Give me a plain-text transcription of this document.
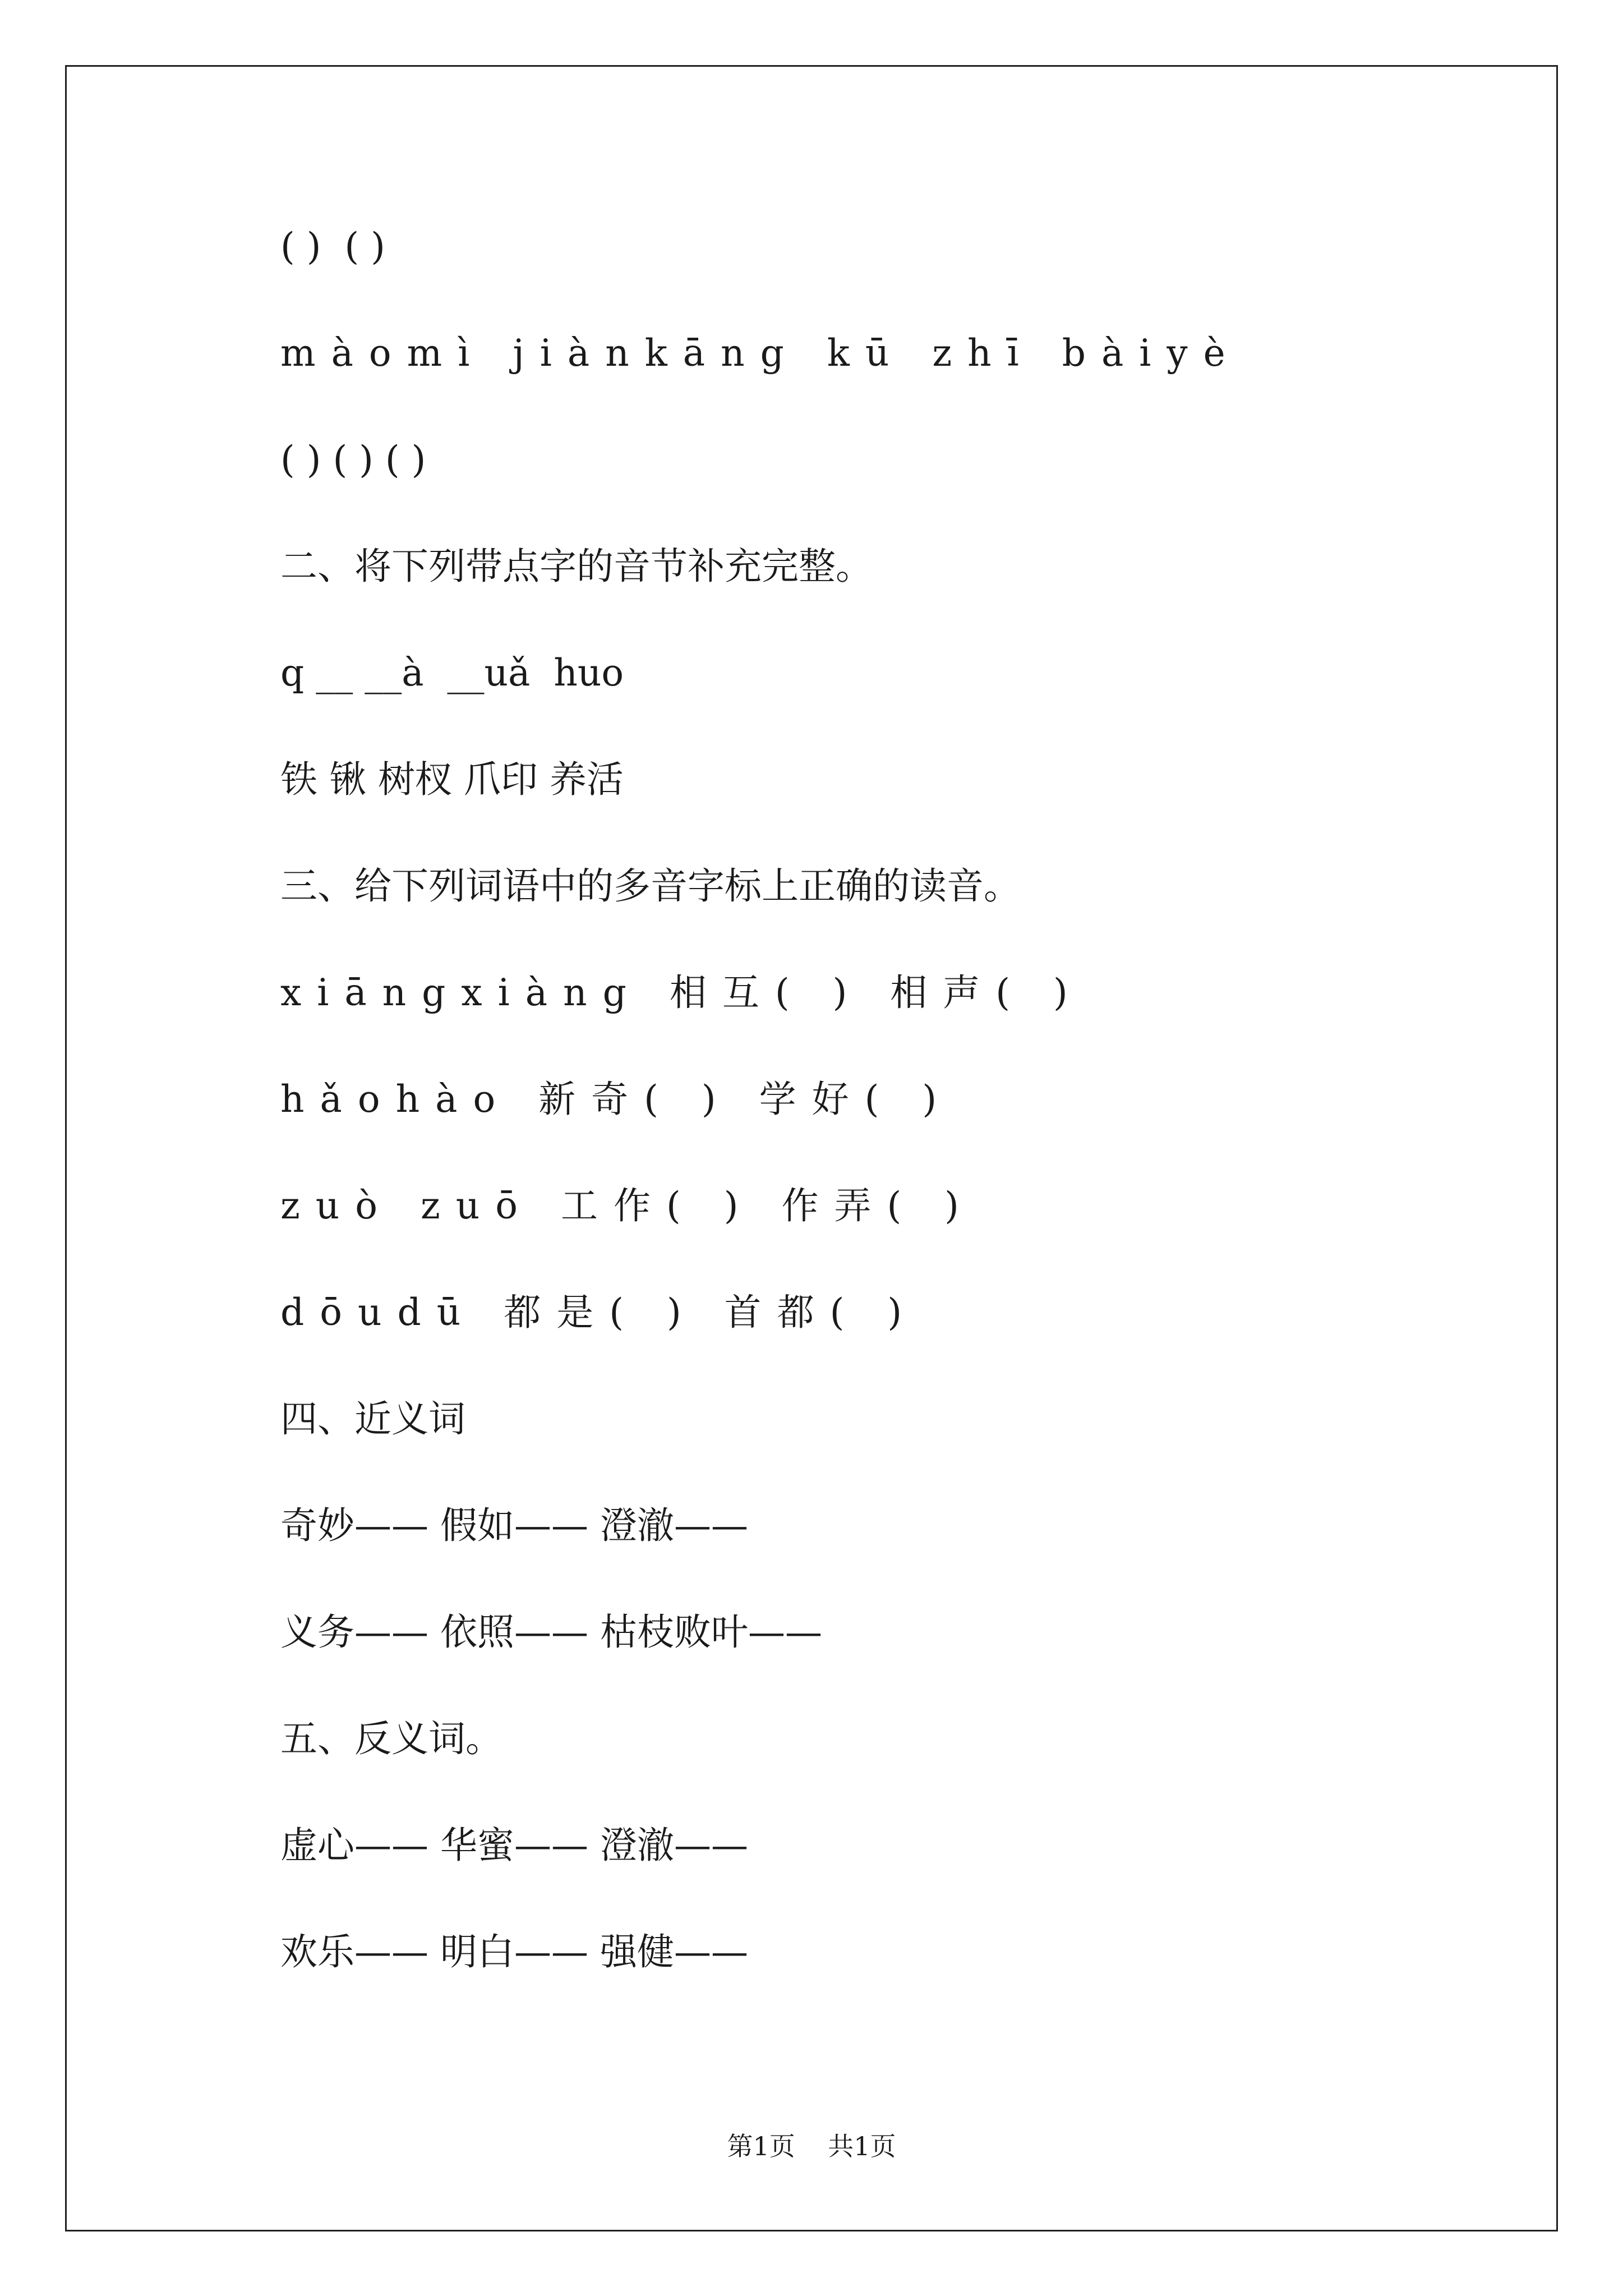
( )  ( )
màomì jiànkāng kū zhī bàiyè
( ) ( ) ( )
二、将下列带点字的音节补充完整。
q __ __à  __uǎ  huo
铁 锹 树杈 爪印 养活
三、给下列词语中的多音字标上正确的读音。
xiāngxiàng 相互( ) 相声( )
hǎohào 新奇( ) 学好( )
zuò zuō 工作( ) 作弄( )
dōudū 都是( ) 首都( )
四、近义词
奇妙—— 假如—— 澄澈——
义务—— 依照—— 枯枝败叶——
五、反义词。
虚心—— 华蜜—— 澄澈——
欢乐—— 明白—— 强健——
第1页    共1页
